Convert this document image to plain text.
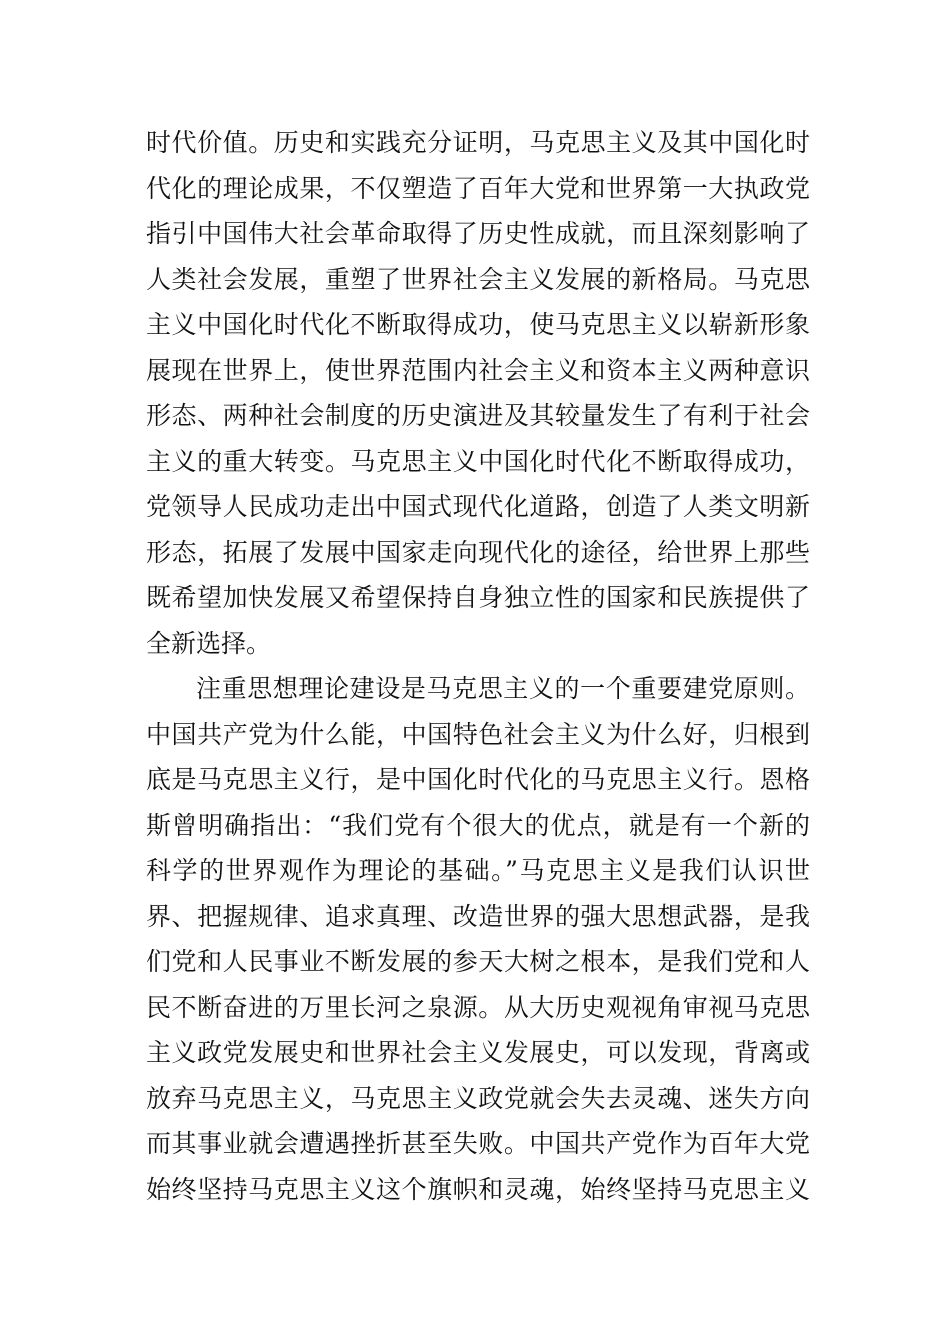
时代价值。历史和实践充分证明，马克思主义及其中国化时
代化的理论成果，不仅塑造了百年大党和世界第一大执政党
指引中国伟大社会革命取得了历史性成就，而且深刻影响了
人类社会发展，重塑了世界社会主义发展的新格局。马克思
主义中国化时代化不断取得成功，使马克思主义以崭新形象
展现在世界上，使世界范围内社会主义和资本主义两种意识
形态、两种社会制度的历史演进及其较量发生了有利于社会
主义的重大转变。马克思主义中国化时代化不断取得成功，
党领导人民成功走出中国式现代化道路，创造了人类文明新
形态，拓展了发展中国家走向现代化的途径，给世界上那些
既希望加快发展又希望保持自身独立性的国家和民族提供了
全新选择。
注重思想理论建设是马克思主义的一个重要建党原则。
中国共产党为什么能，中国特色社会主义为什么好，归根到
底是马克思主义行，是中国化时代化的马克思主义行。恩格
斯曾明确指出：“我们党有个很大的优点，就是有一个新的
科学的世界观作为理论的基础。”马克思主义是我们认识世
界、把握规律、追求真理、改造世界的强大思想武器，是我
们党和人民事业不断发展的参天大树之根本，是我们党和人
民不断奋进的万里长河之泉源。从大历史观视角审视马克思
主义政党发展史和世界社会主义发展史，可以发现，背离或
放弃马克思主义，马克思主义政党就会失去灵魂、迷失方向
而其事业就会遭遇挫折甚至失败。中国共产党作为百年大党
始终坚持马克思主义这个旗帜和灵魂，始终坚持马克思主义
